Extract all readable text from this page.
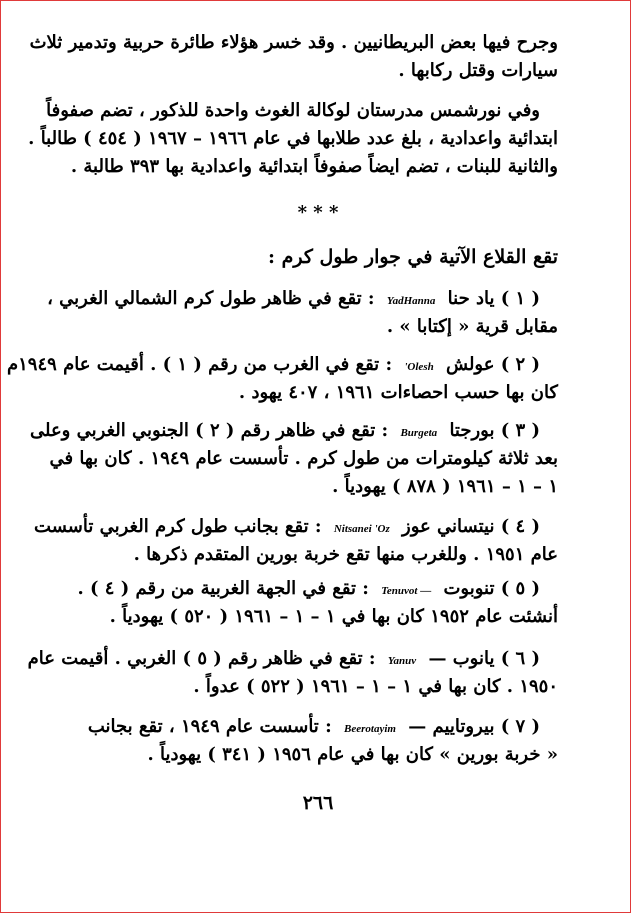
وجرح فيها بعض البريطانيين . وقد خسر هؤلاء طائرة حربية وتدمير ثلاث
سيارات وقتل ركابها .
وفي نورشمس مدرستان لوكالة الغوث واحدة للذكور ، تضم صفوفاً
ابتدائية واعدادية ، بلغ عدد طلابها في عام ١٩٦٦ – ١٩٦٧ ( ٤٥٤ ) طالباً .
والثانية للبنات ، تضم ايضاً صفوفاً ابتدائية واعدادية بها ٣٩٣ طالبة .
* * *
تقع القلاع الآتية في جوار طول كرم :
( ١ ) ياد حنا YadHanna : تقع في ظاهر طول كرم الشمالي الغربي ،
مقابل قرية « إكتابا » .
( ٢ ) عولش 'Olesh : تقع في الغرب من رقم ( ١ ) . أقيمت عام ١٩٤٩م
كان بها حسب احصاءات ١٩٦١ ، ٤٠٧ يهود .
( ٣ ) بورجتا Burgeta : تقع في ظاهر رقم ( ٢ ) الجنوبي الغربي وعلى
بعد ثلاثة كيلومترات من طول كرم . تأسست عام ١٩٤٩ . كان بها في
١ – ١ – ١٩٦١ ( ٨٧٨ ) يهودياً .
( ٤ ) نيتساني عوز Nitsanei 'Oz : تقع بجانب طول كرم الغربي تأسست
عام ١٩٥١ . وللغرب منها تقع خربة بورين المتقدم ذكرها .
( ٥ ) تنوبوت Tenuvot — : تقع في الجهة الغربية من رقم ( ٤ ) .
أنشئت عام ١٩٥٢ كان بها في ١ – ١ – ١٩٦١ ( ٥٢٠ ) يهودياً .
( ٦ ) يانوب — Yanuv : تقع في ظاهر رقم ( ٥ ) الغربي . أقيمت عام
١٩٥٠ . كان بها في ١ – ١ – ١٩٦١ ( ٥٢٢ ) عدواً .
( ٧ ) بيروتاييم — Beerotayim : تأسست عام ١٩٤٩ ، تقع بجانب
« خربة بورين » كان بها في عام ١٩٥٦ ( ٣٤١ ) يهودياً .
٢٦٦
